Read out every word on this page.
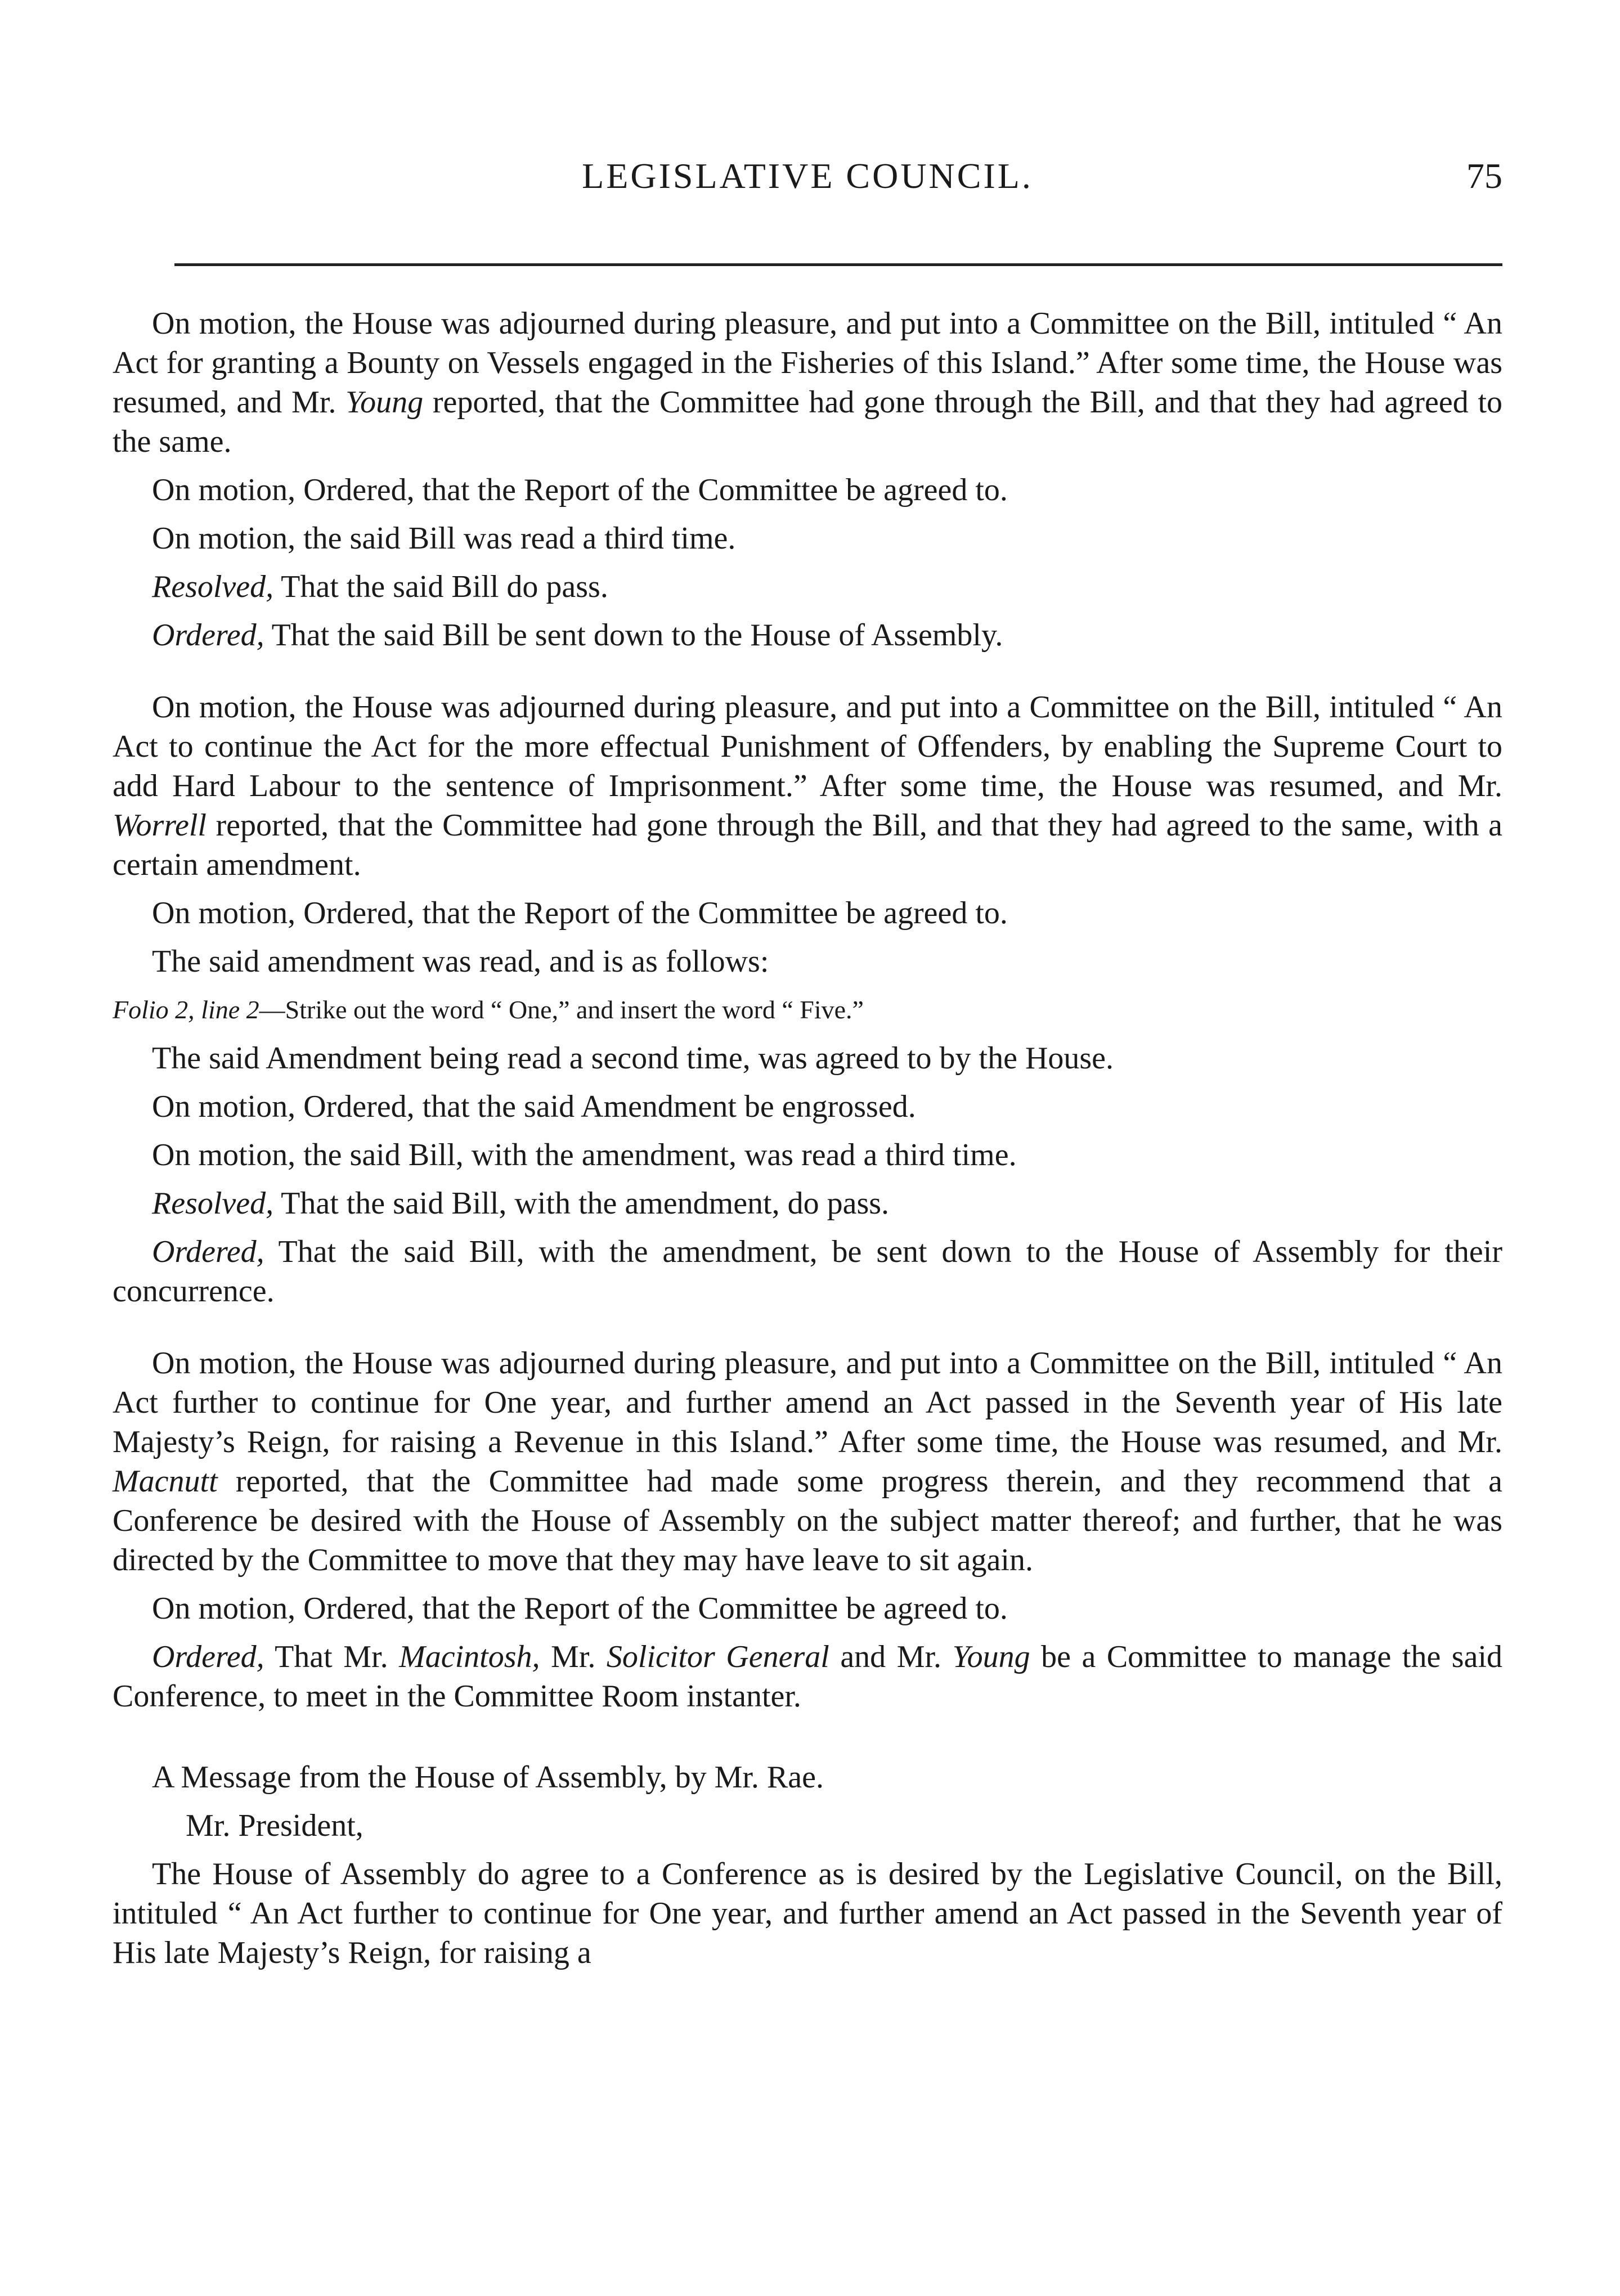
LEGISLATIVE COUNCIL.	75

On motion, the House was adjourned during pleasure, and put into a Committee on the Bill, intituled “ An Act for granting a Bounty on Vessels engaged in the Fisheries of this Island.” After some time, the House was resumed, and Mr. Young reported, that the Committee had gone through the Bill, and that they had agreed to the same.

On motion, Ordered, that the Report of the Committee be agreed to.

On motion, the said Bill was read a third time.

Resolved, That the said Bill do pass.

Ordered, That the said Bill be sent down to the House of Assembly.

On motion, the House was adjourned during pleasure, and put into a Committee on the Bill, intituled “ An Act to continue the Act for the more effectual Punishment of Offenders, by enabling the Supreme Court to add Hard Labour to the sentence of Imprisonment.” After some time, the House was resumed, and Mr. Worrell reported, that the Committee had gone through the Bill, and that they had agreed to the same, with a certain amendment.

On motion, Ordered, that the Report of the Committee be agreed to.

The said amendment was read, and is as follows:

Folio 2, line 2—Strike out the word “ One,” and insert the word “ Five.”

The said Amendment being read a second time, was agreed to by the House.

On motion, Ordered, that the said Amendment be engrossed.

On motion, the said Bill, with the amendment, was read a third time.

Resolved, That the said Bill, with the amendment, do pass.

Ordered, That the said Bill, with the amendment, be sent down to the House of Assembly for their concurrence.

On motion, the House was adjourned during pleasure, and put into a Committee on the Bill, intituled “ An Act further to continue for One year, and further amend an Act passed in the Seventh year of His late Majesty’s Reign, for raising a Revenue in this Island.” After some time, the House was resumed, and Mr. Macnutt reported, that the Committee had made some progress therein, and they recommend that a Conference be desired with the House of Assembly on the subject matter thereof; and further, that he was directed by the Committee to move that they may have leave to sit again.

On motion, Ordered, that the Report of the Committee be agreed to.

Ordered, That Mr. Macintosh, Mr. Solicitor General and Mr. Young be a Committee to manage the said Conference, to meet in the Committee Room instanter.

A Message from the House of Assembly, by Mr. Rae.

Mr. President,

The House of Assembly do agree to a Conference as is desired by the Legislative Council, on the Bill, intituled “ An Act further to continue for One year, and further amend an Act passed in the Seventh year of His late Majesty’s Reign, for raising a
